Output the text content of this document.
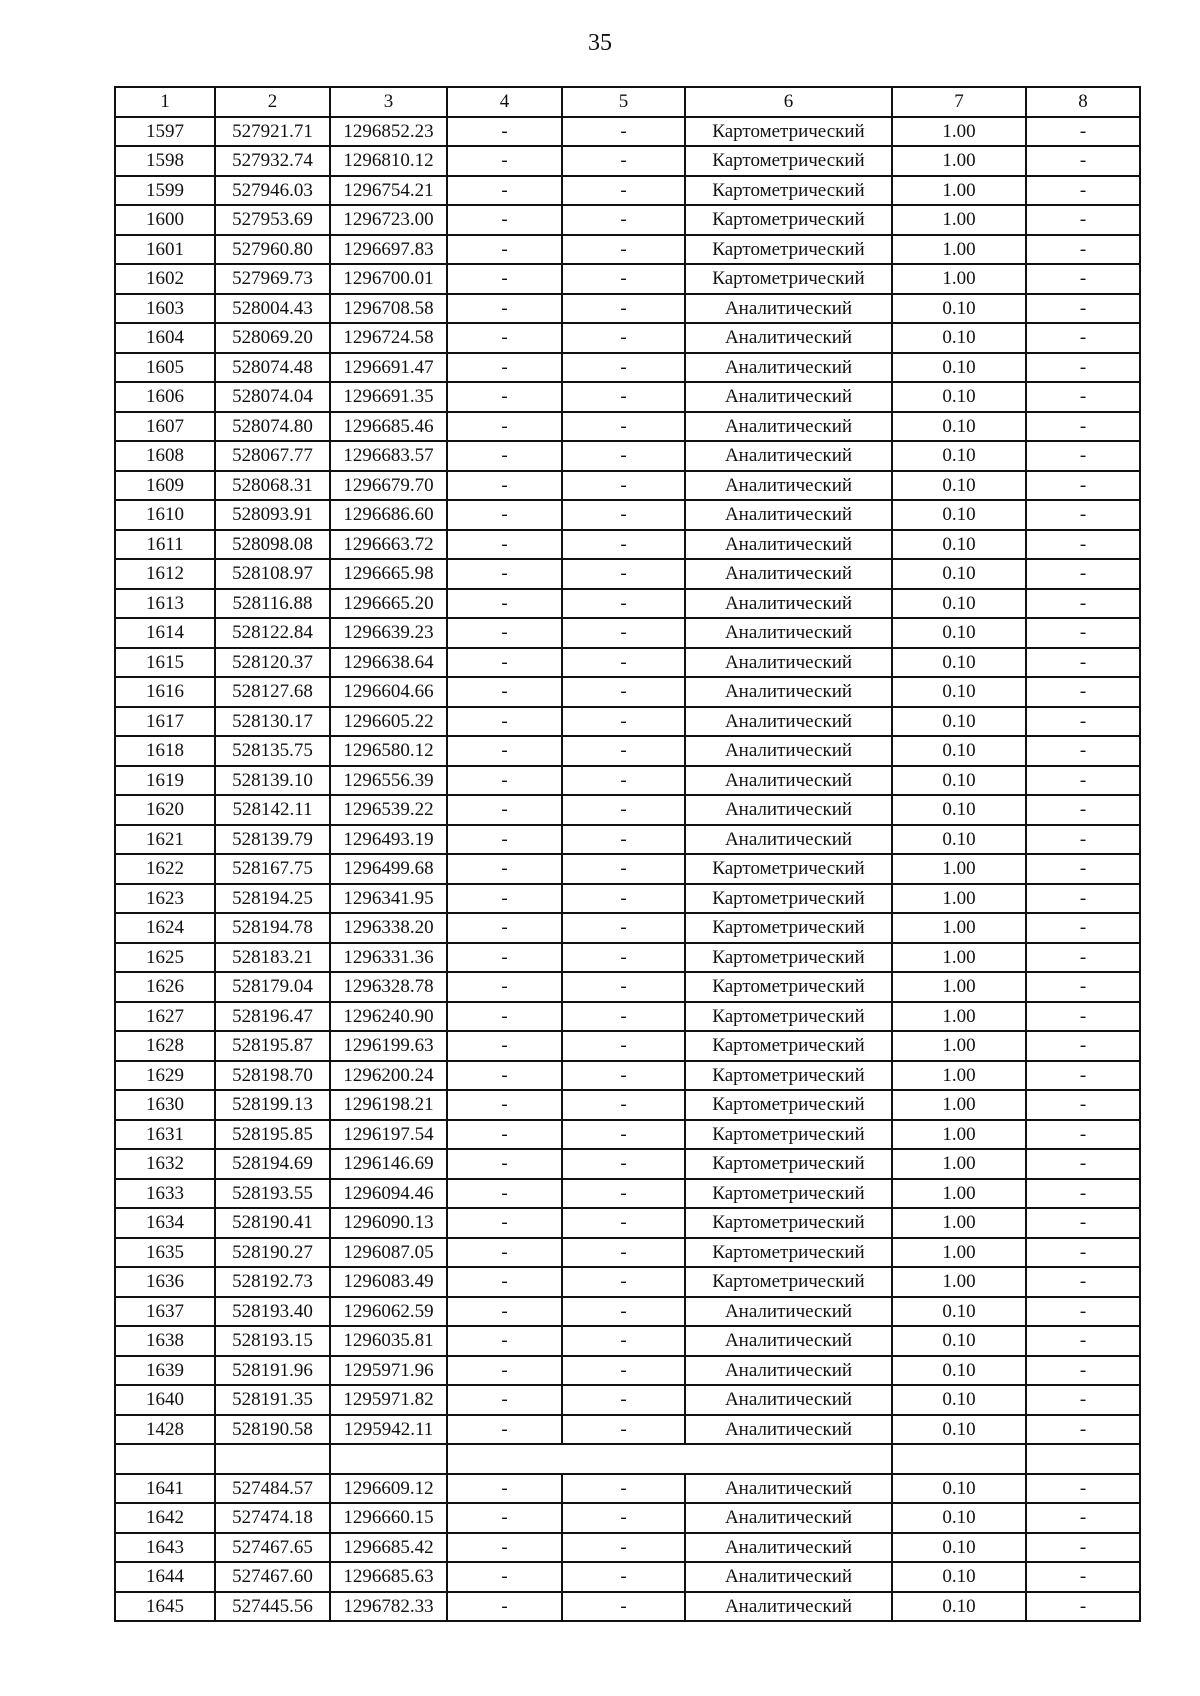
35
1	2	3	4	5	6	7	8
1597	527921.71	1296852.23	-	-	Картометрический	1.00	-
1598	527932.74	1296810.12	-	-	Картометрический	1.00	-
1599	527946.03	1296754.21	-	-	Картометрический	1.00	-
1600	527953.69	1296723.00	-	-	Картометрический	1.00	-
1601	527960.80	1296697.83	-	-	Картометрический	1.00	-
1602	527969.73	1296700.01	-	-	Картометрический	1.00	-
1603	528004.43	1296708.58	-	-	Аналитический	0.10	-
1604	528069.20	1296724.58	-	-	Аналитический	0.10	-
1605	528074.48	1296691.47	-	-	Аналитический	0.10	-
1606	528074.04	1296691.35	-	-	Аналитический	0.10	-
1607	528074.80	1296685.46	-	-	Аналитический	0.10	-
1608	528067.77	1296683.57	-	-	Аналитический	0.10	-
1609	528068.31	1296679.70	-	-	Аналитический	0.10	-
1610	528093.91	1296686.60	-	-	Аналитический	0.10	-
1611	528098.08	1296663.72	-	-	Аналитический	0.10	-
1612	528108.97	1296665.98	-	-	Аналитический	0.10	-
1613	528116.88	1296665.20	-	-	Аналитический	0.10	-
1614	528122.84	1296639.23	-	-	Аналитический	0.10	-
1615	528120.37	1296638.64	-	-	Аналитический	0.10	-
1616	528127.68	1296604.66	-	-	Аналитический	0.10	-
1617	528130.17	1296605.22	-	-	Аналитический	0.10	-
1618	528135.75	1296580.12	-	-	Аналитический	0.10	-
1619	528139.10	1296556.39	-	-	Аналитический	0.10	-
1620	528142.11	1296539.22	-	-	Аналитический	0.10	-
1621	528139.79	1296493.19	-	-	Аналитический	0.10	-
1622	528167.75	1296499.68	-	-	Картометрический	1.00	-
1623	528194.25	1296341.95	-	-	Картометрический	1.00	-
1624	528194.78	1296338.20	-	-	Картометрический	1.00	-
1625	528183.21	1296331.36	-	-	Картометрический	1.00	-
1626	528179.04	1296328.78	-	-	Картометрический	1.00	-
1627	528196.47	1296240.90	-	-	Картометрический	1.00	-
1628	528195.87	1296199.63	-	-	Картометрический	1.00	-
1629	528198.70	1296200.24	-	-	Картометрический	1.00	-
1630	528199.13	1296198.21	-	-	Картометрический	1.00	-
1631	528195.85	1296197.54	-	-	Картометрический	1.00	-
1632	528194.69	1296146.69	-	-	Картометрический	1.00	-
1633	528193.55	1296094.46	-	-	Картометрический	1.00	-
1634	528190.41	1296090.13	-	-	Картометрический	1.00	-
1635	528190.27	1296087.05	-	-	Картометрический	1.00	-
1636	528192.73	1296083.49	-	-	Картометрический	1.00	-
1637	528193.40	1296062.59	-	-	Аналитический	0.10	-
1638	528193.15	1296035.81	-	-	Аналитический	0.10	-
1639	528191.96	1295971.96	-	-	Аналитический	0.10	-
1640	528191.35	1295971.82	-	-	Аналитический	0.10	-
1428	528190.58	1295942.11	-	-	Аналитический	0.10	-

1641	527484.57	1296609.12	-	-	Аналитический	0.10	-
1642	527474.18	1296660.15	-	-	Аналитический	0.10	-
1643	527467.65	1296685.42	-	-	Аналитический	0.10	-
1644	527467.60	1296685.63	-	-	Аналитический	0.10	-
1645	527445.56	1296782.33	-	-	Аналитический	0.10	-
